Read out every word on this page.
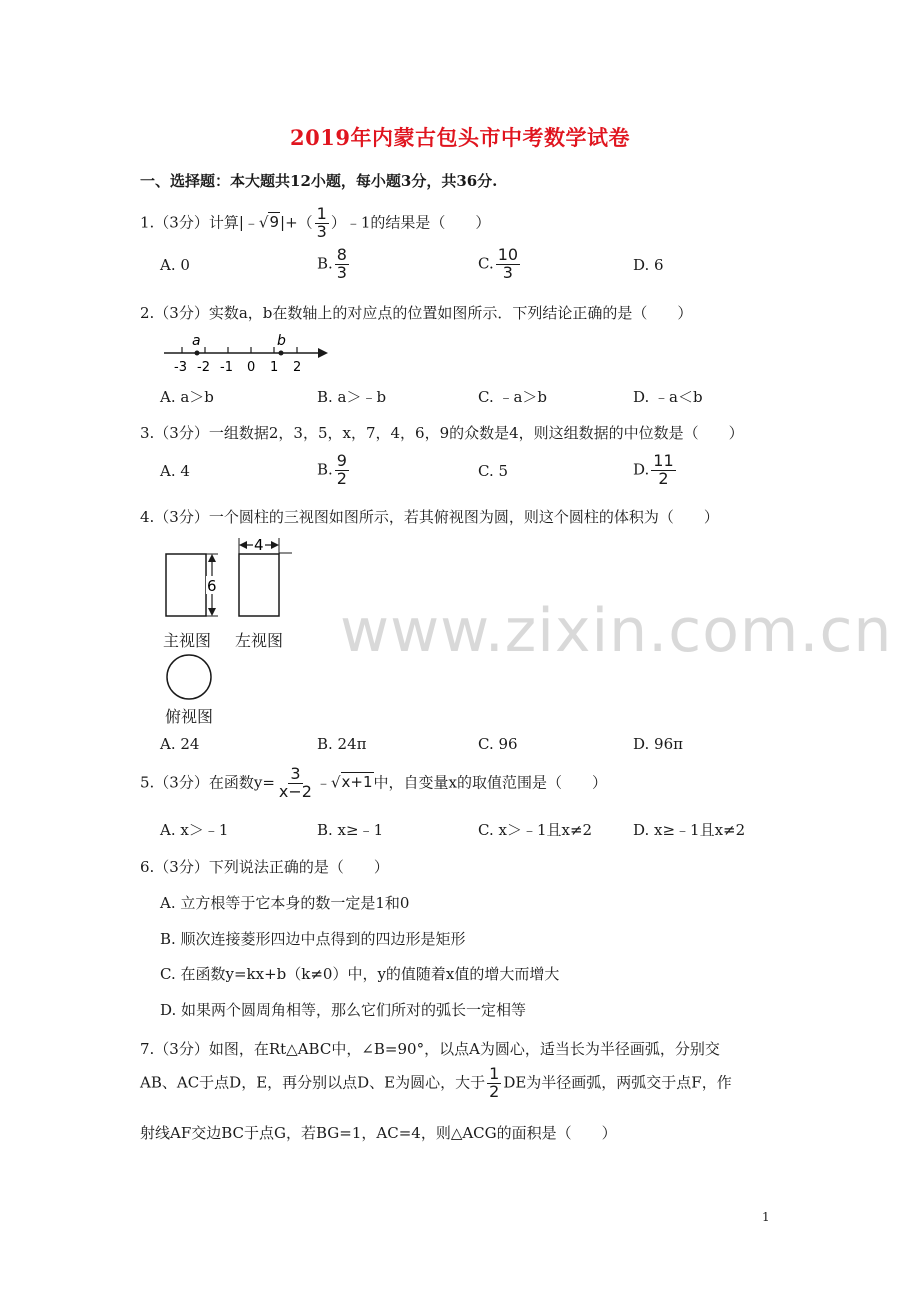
2019年内蒙古包头市中考数学试卷
一、选择题：本大题共12小题，每小题3分，共36分.
1.（3分）计算|﹣√9|+（ $\frac{1}{3}$ ）﹣1的结果是（　　）
A. 0	B. $\frac{8}{3}$	C. $\frac{10}{3}$	D. 6
2.（3分）实数a，b在数轴上的对应点的位置如图所示．下列结论正确的是（　　）
a	b
-3 -2 -1 0 1 2
A. a＞b	B. a＞﹣b	C. ﹣a＞b	D. ﹣a＜b
3.（3分）一组数据2，3，5，x，7，4，6，9的众数是4，则这组数据的中位数是（　　）
A. 4	B. $\frac{9}{2}$	C. 5	D. $\frac{11}{2}$
4.（3分）一个圆柱的三视图如图所示，若其俯视图为圆，则这个圆柱的体积为（　　）
6
4
主视图 左视图
俯视图
A. 24	B. 24π	C. 96	D. 96π
5.（3分）在函数$y= \frac{3}{x-2}$ ﹣√x+1中，自变量x的取值范围是（　　）
A. x＞﹣1	B. x≥﹣1	C. x＞﹣1且x≠2	D. x≥﹣1且x≠2
6.（3分）下列说法正确的是（　　）
A. 立方根等于它本身的数一定是1和0
B. 顺次连接菱形四边中点得到的四边形是矩形
C. 在函数y=kx+b（k≠0）中，y的值随着x值的增大而增大
D. 如果两个圆周角相等，那么它们所对的弧长一定相等
7.（3分）如图，在Rt△ABC中，∠B=90°，以点A为圆心，适当长为半径画弧，分别交
AB、AC于点D，E，再分别以点D、E为圆心，大于 $\frac{1}{2}$ DE为半径画弧，两弧交于点F，作
射线AF交边BC于点G，若BG=1，AC=4，则△ACG的面积是（　　）
www.zixin.com.cn
1
